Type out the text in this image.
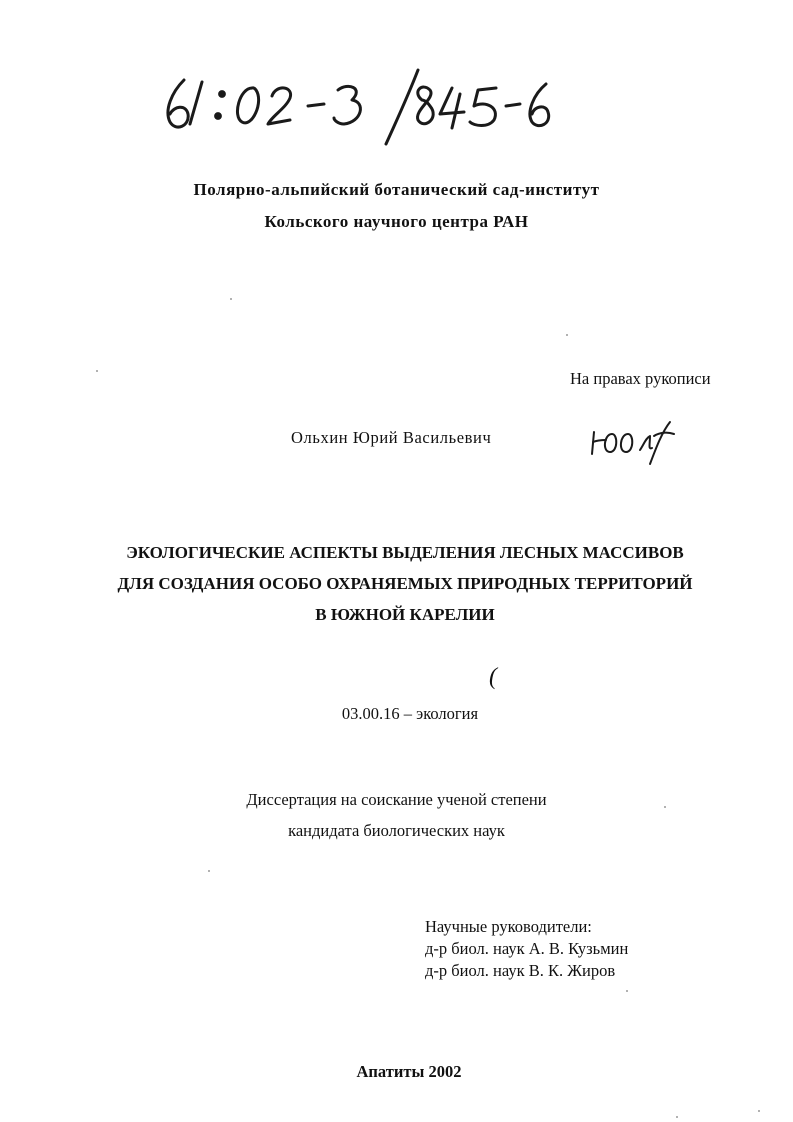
Полярно-альпийский ботанический сад-институт
Кольского научного центра РАН
На правах рукописи
Ольхин Юрий Васильевич
ЭКОЛОГИЧЕСКИЕ АСПЕКТЫ ВЫДЕЛЕНИЯ ЛЕСНЫХ МАССИВОВ
ДЛЯ СОЗДАНИЯ ОСОБО ОХРАНЯЕМЫХ ПРИРОДНЫХ ТЕРРИТОРИЙ
В ЮЖНОЙ КАРЕЛИИ
(
03.00.16 – экология
Диссертация на соискание ученой степени
кандидата биологических наук
Научные руководители:
д-р биол. наук А. В. Кузьмин
д-р биол. наук В. К. Жиров
Апатиты 2002
